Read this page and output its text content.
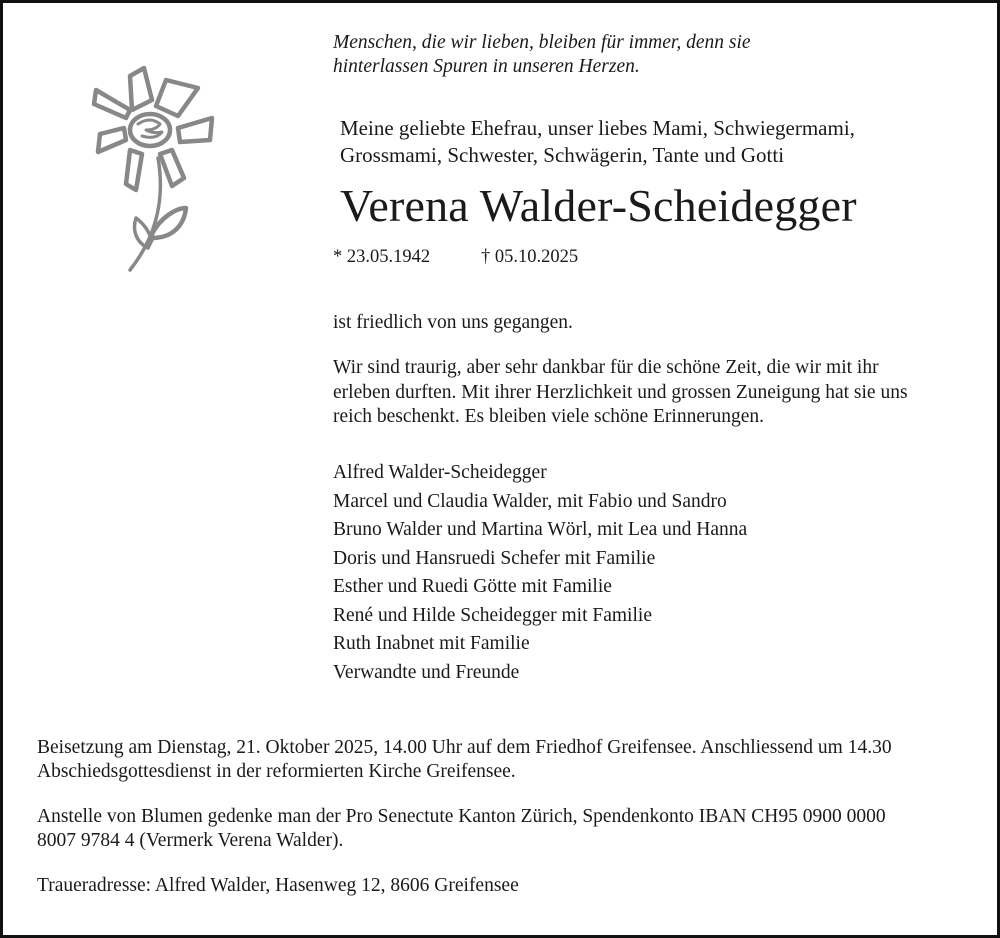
Menschen, die wir lieben, bleiben für immer, denn sie
hinterlassen Spuren in unseren Herzen.
Meine geliebte Ehefrau, unser liebes Mami, Schwiegermami,
Grossmami, Schwester, Schwägerin, Tante und Gotti
Verena Walder-Scheidegger
* 23.05.1942	† 05.10.2025
ist friedlich von uns gegangen.
Wir sind traurig, aber sehr dankbar für die schöne Zeit, die wir mit ihr
erleben durften. Mit ihrer Herzlichkeit und grossen Zuneigung hat sie uns
reich beschenkt. Es bleiben viele schöne Erinnerungen.
Alfred Walder-Scheidegger
Marcel und Claudia Walder, mit Fabio und Sandro
Bruno Walder und Martina Wörl, mit Lea und Hanna
Doris und Hansruedi Schefer mit Familie
Esther und Ruedi Götte mit Familie
René und Hilde Scheidegger mit Familie
Ruth Inabnet mit Familie
Verwandte und Freunde
Beisetzung am Dienstag, 21. Oktober 2025, 14.00 Uhr auf dem Friedhof Greifensee. Anschliessend um 14.30
Abschiedsgottesdienst in der reformierten Kirche Greifensee.
Anstelle von Blumen gedenke man der Pro Senectute Kanton Zürich, Spendenkonto IBAN CH95 0900 0000
8007 9784 4 (Vermerk Verena Walder).
Traueradresse: Alfred Walder, Hasenweg 12, 8606 Greifensee
